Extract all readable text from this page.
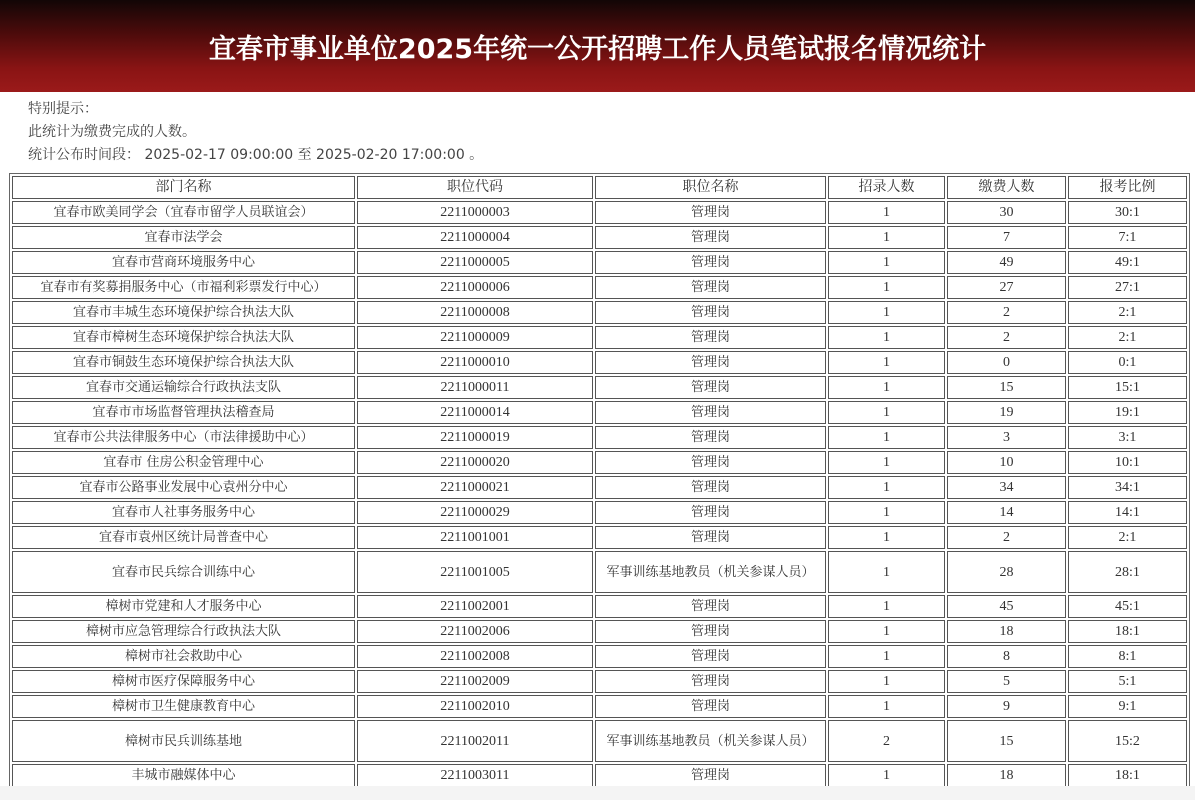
宜春市事业单位2025年统一公开招聘工作人员笔试报名情况统计
特别提示：
此统计为缴费完成的人数。
统计公布时间段： 2025-02-17 09:00:00 至 2025-02-20 17:00:00 。
部门名称	职位代码	职位名称	招录人数	缴费人数	报考比例
宜春市欧美同学会（宜春市留学人员联谊会）	2211000003	管理岗	1	30	30:1
宜春市法学会	2211000004	管理岗	1	7	7:1
宜春市营商环境服务中心	2211000005	管理岗	1	49	49:1
宜春市有奖募捐服务中心（市福利彩票发行中心）	2211000006	管理岗	1	27	27:1
宜春市丰城生态环境保护综合执法大队	2211000008	管理岗	1	2	2:1
宜春市樟树生态环境保护综合执法大队	2211000009	管理岗	1	2	2:1
宜春市铜鼓生态环境保护综合执法大队	2211000010	管理岗	1	0	0:1
宜春市交通运输综合行政执法支队	2211000011	管理岗	1	15	15:1
宜春市市场监督管理执法稽查局	2211000014	管理岗	1	19	19:1
宜春市公共法律服务中心（市法律援助中心）	2211000019	管理岗	1	3	3:1
宜春市 住房公积金管理中心	2211000020	管理岗	1	10	10:1
宜春市公路事业发展中心袁州分中心	2211000021	管理岗	1	34	34:1
宜春市人社事务服务中心	2211000029	管理岗	1	14	14:1
宜春市袁州区统计局普查中心	2211001001	管理岗	1	2	2:1
宜春市民兵综合训练中心	2211001005	军事训练基地教员（机关参谋人员）	1	28	28:1
樟树市党建和人才服务中心	2211002001	管理岗	1	45	45:1
樟树市应急管理综合行政执法大队	2211002006	管理岗	1	18	18:1
樟树市社会救助中心	2211002008	管理岗	1	8	8:1
樟树市医疗保障服务中心	2211002009	管理岗	1	5	5:1
樟树市卫生健康教育中心	2211002010	管理岗	1	9	9:1
樟树市民兵训练基地	2211002011	军事训练基地教员（机关参谋人员）	2	15	15:2
丰城市融媒体中心	2211003011	管理岗	1	18	18:1
